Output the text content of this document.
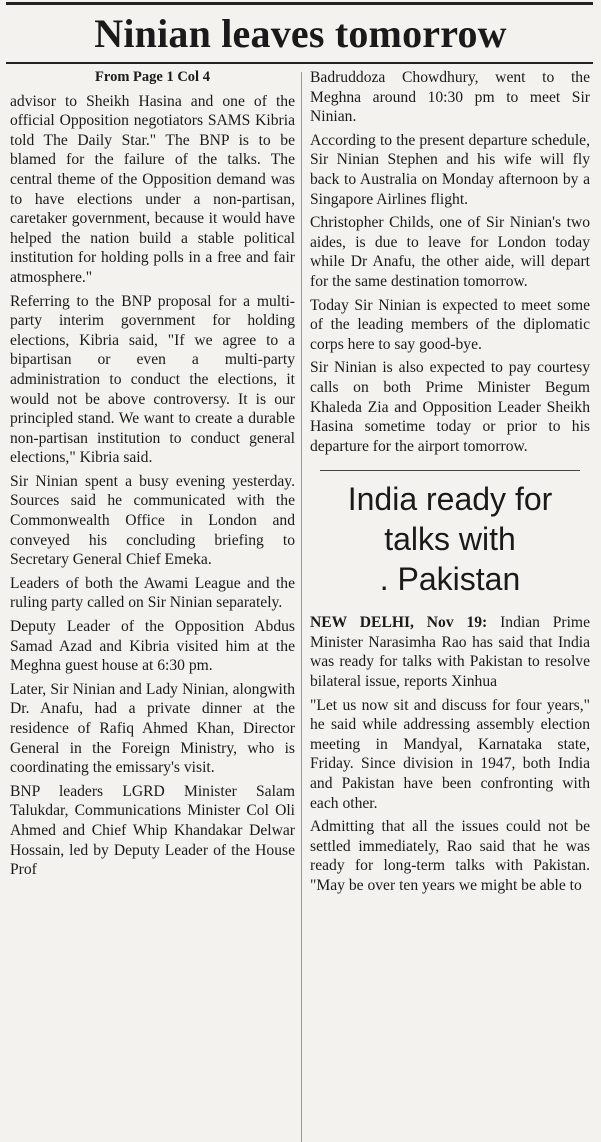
Ninian leaves tomorrow
From Page 1 Col 4

advisor to Sheikh Hasina and one of the official Opposition negotiators SAMS Kibria told The Daily Star." The BNP is to be blamed for the failure of the talks. The central theme of the Opposition demand was to have elections under a non-partisan, caretaker government, because it would have helped the nation build a stable political institution for holding polls in a free and fair atmosphere."

Referring to the BNP proposal for a multi-party interim government for holding elections, Kibria said, "If we agree to a bipartisan or even a multi-party administration to conduct the elections, it would not be above controversy. It is our principled stand. We want to create a durable non-partisan institution to conduct general elections," Kibria said.

Sir Ninian spent a busy evening yesterday. Sources said he communicated with the Commonwealth Office in London and conveyed his concluding briefing to Secretary General Chief Emeka.

Leaders of both the Awami League and the ruling party called on Sir Ninian separately.

Deputy Leader of the Opposition Abdus Samad Azad and Kibria visited him at the Meghna guest house at 6:30 pm.

Later, Sir Ninian and Lady Ninian, alongwith Dr. Anafu, had a private dinner at the residence of Rafiq Ahmed Khan, Director General in the Foreign Ministry, who is coordinating the emissary's visit.

BNP leaders LGRD Minister Salam Talukdar, Communications Minister Col Oli Ahmed and Chief Whip Khandakar Delwar Hossain, led by Deputy Leader of the House Prof

Badruddoza Chowdhury, went to the Meghna around 10:30 pm to meet Sir Ninian.

According to the present departure schedule, Sir Ninian Stephen and his wife will fly back to Australia on Monday afternoon by a Singapore Airlines flight.

Christopher Childs, one of Sir Ninian's two aides, is due to leave for London today while Dr Anafu, the other aide, will depart for the same destination tomorrow.

Today Sir Ninian is expected to meet some of the leading members of the diplomatic corps here to say good-bye.

Sir Ninian is also expected to pay courtesy calls on both Prime Minister Begum Khaleda Zia and Opposition Leader Sheikh Hasina sometime today or prior to his departure for the airport tomorrow.

India ready for
talks with
. Pakistan

NEW DELHI, Nov 19: Indian Prime Minister Narasimha Rao has said that India was ready for talks with Pakistan to resolve bilateral issue, reports Xinhua

"Let us now sit and discuss for four years," he said while addressing assembly election meeting in Mandyal, Karnataka state, Friday. Since division in 1947, both India and Pakistan have been confronting with each other.

Admitting that all the issues could not be settled immediately, Rao said that he was ready for long-term talks with Pakistan. "May be over ten years we might be able to
